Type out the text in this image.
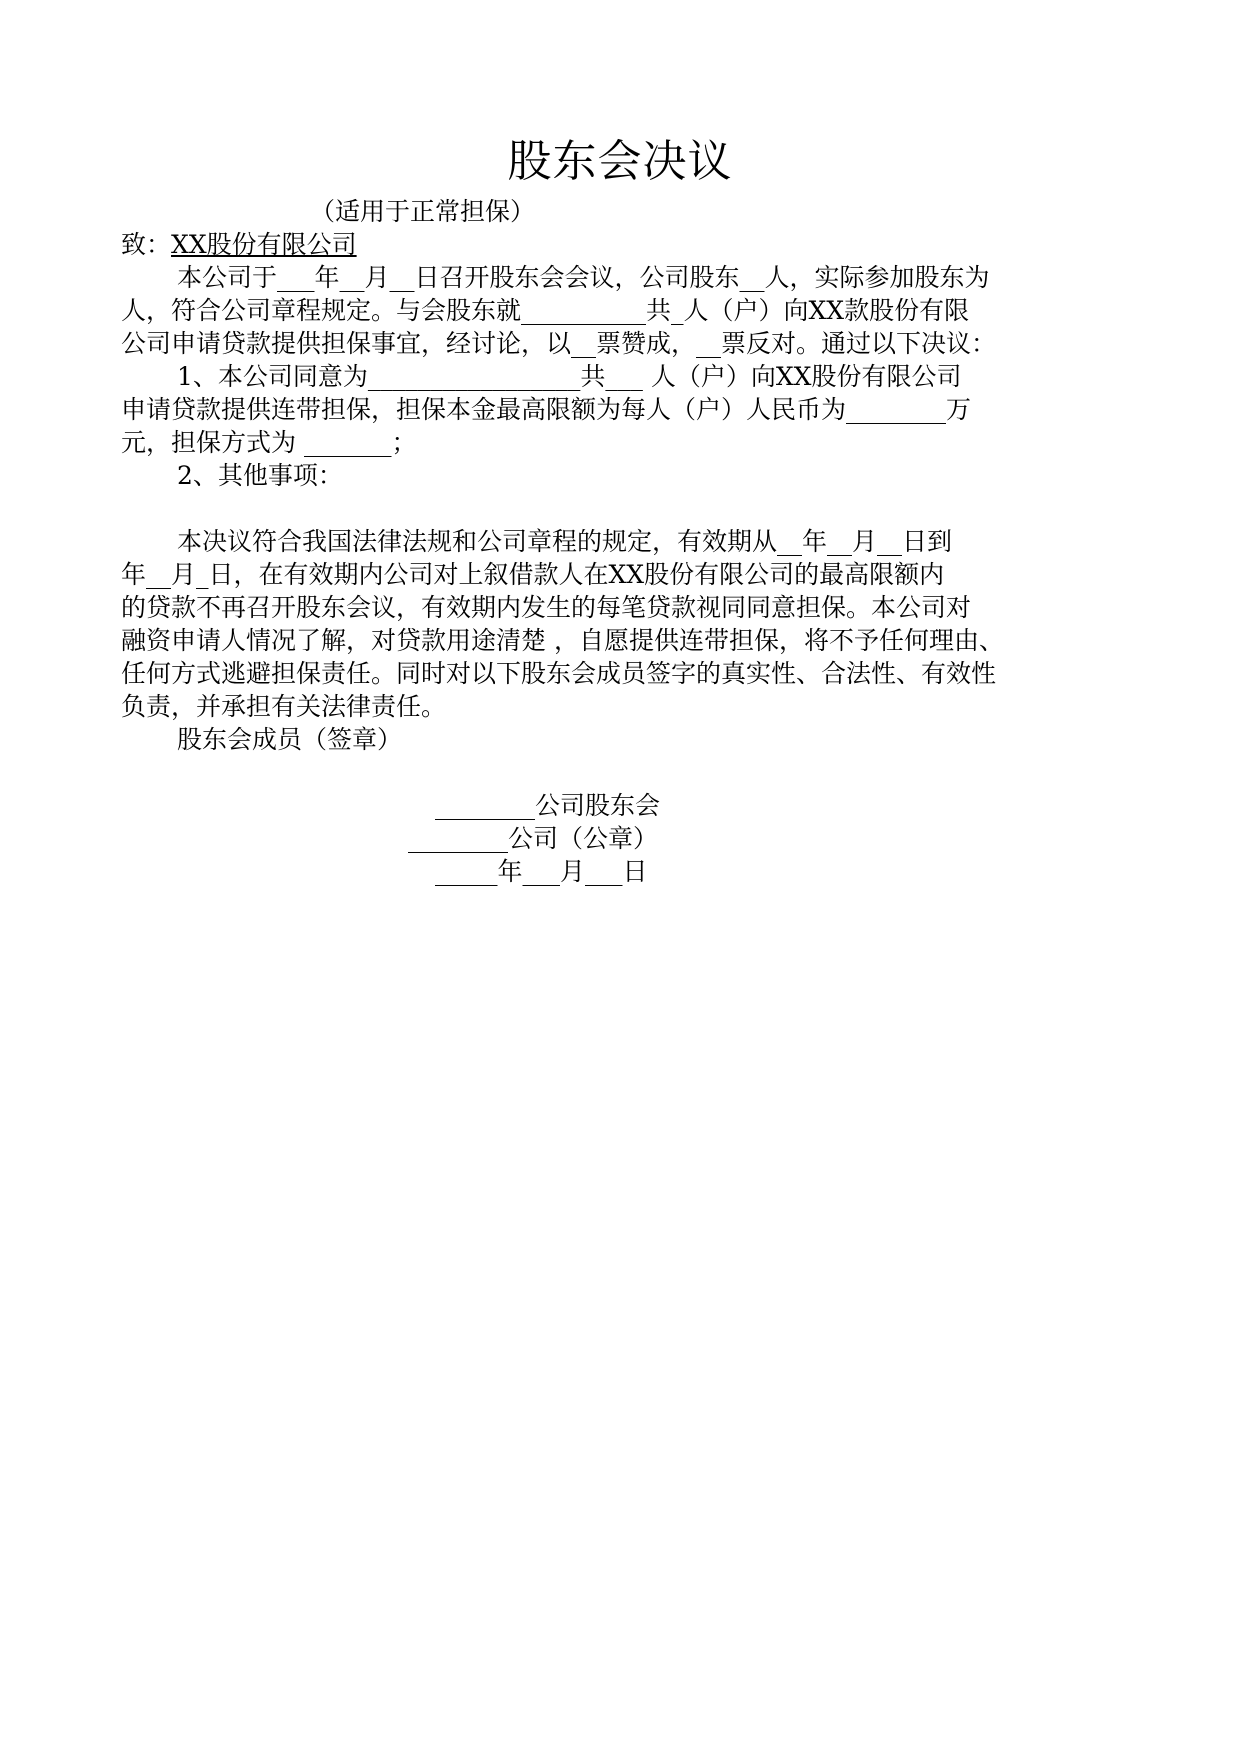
股东会决议
（适用于正常担保）
致：XX股份有限公司
本公司于___年__月__日召开股东会会议，公司股东__人，实际参加股东为
人，符合公司章程规定。与会股东就__________共_人（户）向XX款股份有限
公司申请贷款提供担保事宜，经讨论，以__票赞成，__票反对。通过以下决议：
1、本公司同意为_________________共___ 人（户）向XX股份有限公司
申请贷款提供连带担保，担保本金最高限额为每人（户）人民币为________万
元，担保方式为 _______；
2、其他事项：
本决议符合我国法律法规和公司章程的规定，有效期从__年__月__日到
年__月_日，在有效期内公司对上叙借款人在XX股份有限公司的最高限额内
的贷款不再召开股东会议，有效期内发生的每笔贷款视同同意担保。本公司对
融资申请人情况了解，对贷款用途清楚 ，自愿提供连带担保，将不予任何理由、
任何方式逃避担保责任。同时对以下股东会成员签字的真实性、合法性、有效性
负责，并承担有关法律责任。
股东会成员（签章）
________公司股东会
________公司（公章）
_____年___月___日
